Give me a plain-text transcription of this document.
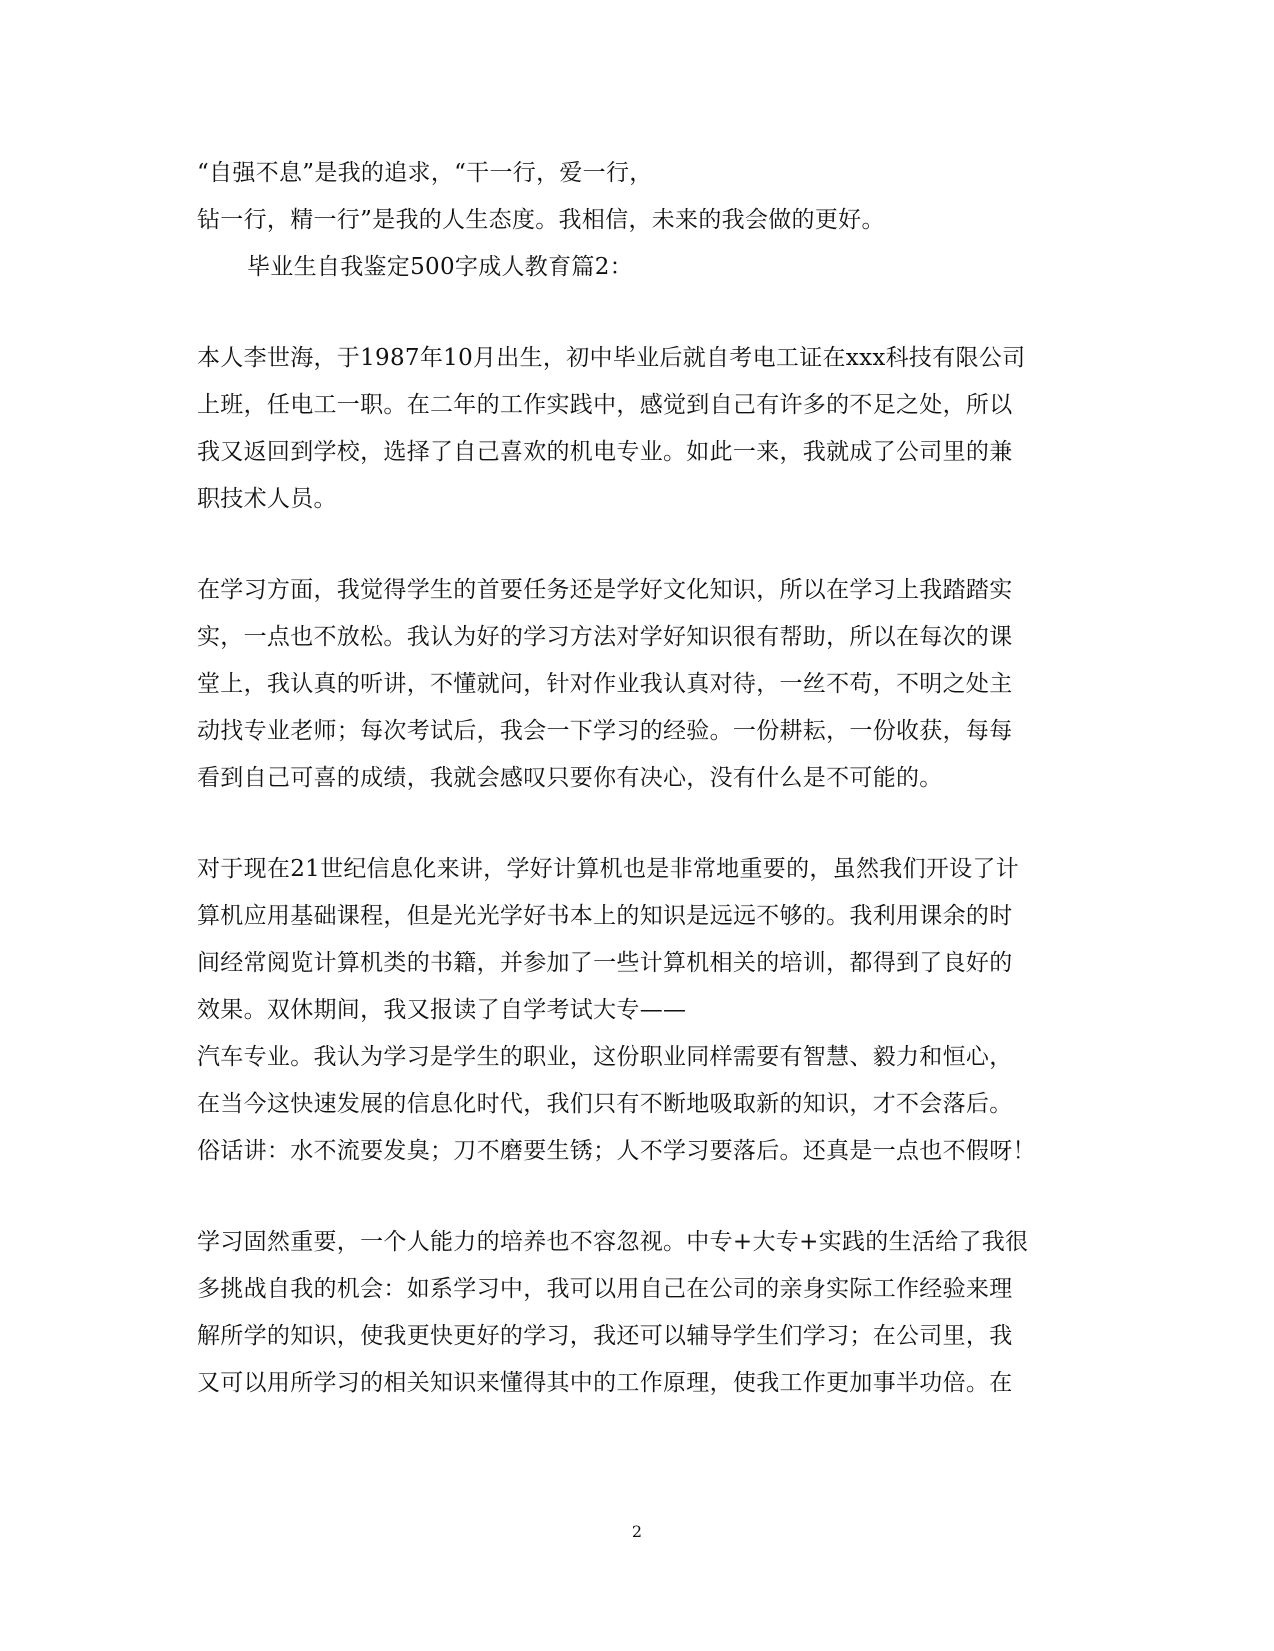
“自强不息”是我的追求，“干一行，爱一行，
钻一行，精一行”是我的人生态度。我相信，未来的我会做的更好。
毕业生自我鉴定500字成人教育篇2：
本人李世海，于1987年10月出生，初中毕业后就自考电工证在xxx科技有限公司
上班，任电工一职。在二年的工作实践中，感觉到自己有许多的不足之处，所以
我又返回到学校，选择了自己喜欢的机电专业。如此一来，我就成了公司里的兼
职技术人员。
在学习方面，我觉得学生的首要任务还是学好文化知识，所以在学习上我踏踏实
实，一点也不放松。我认为好的学习方法对学好知识很有帮助，所以在每次的课
堂上，我认真的听讲，不懂就问，针对作业我认真对待，一丝不苟，不明之处主
动找专业老师；每次考试后，我会一下学习的经验。一份耕耘，一份收获，每每
看到自己可喜的成绩，我就会感叹只要你有决心，没有什么是不可能的。
对于现在21世纪信息化来讲，学好计算机也是非常地重要的，虽然我们开设了计
算机应用基础课程，但是光光学好书本上的知识是远远不够的。我利用课余的时
间经常阅览计算机类的书籍，并参加了一些计算机相关的培训，都得到了良好的
效果。双休期间，我又报读了自学考试大专——
汽车专业。我认为学习是学生的职业，这份职业同样需要有智慧、毅力和恒心，
在当今这快速发展的信息化时代，我们只有不断地吸取新的知识，才不会落后。
俗话讲：水不流要发臭；刀不磨要生锈；人不学习要落后。还真是一点也不假呀！
学习固然重要，一个人能力的培养也不容忽视。中专+大专+实践的生活给了我很
多挑战自我的机会：如系学习中，我可以用自己在公司的亲身实际工作经验来理
解所学的知识，使我更快更好的学习，我还可以辅导学生们学习；在公司里，我
又可以用所学习的相关知识来懂得其中的工作原理，使我工作更加事半功倍。在
2
